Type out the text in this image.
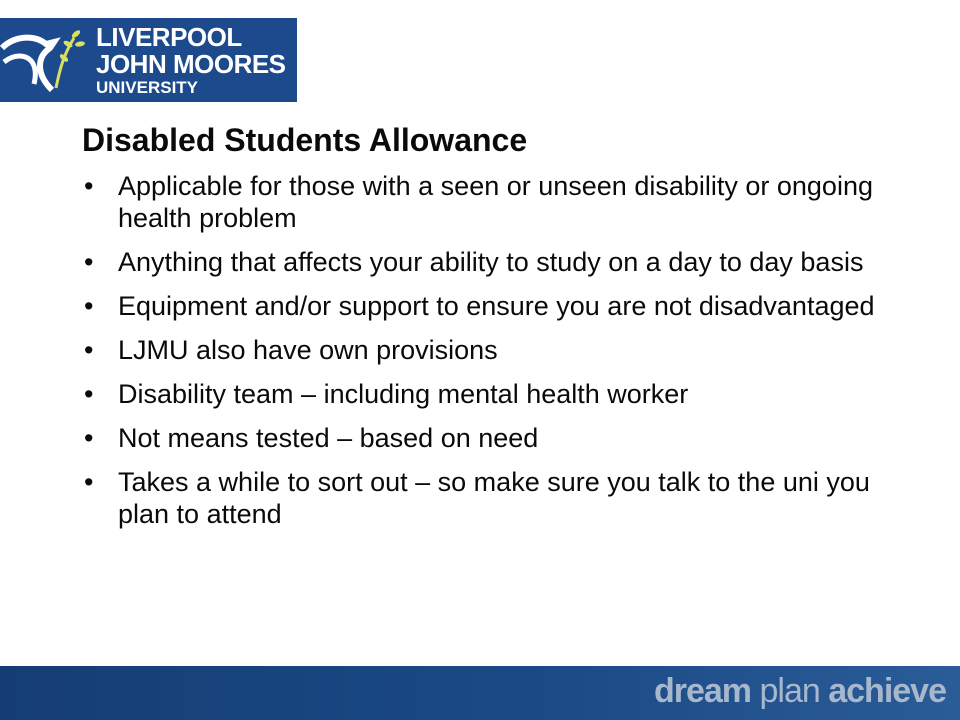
LIVERPOOL
JOHN MOORES
UNIVERSITY
Disabled Students Allowance
• Applicable for those with a seen or unseen disability or ongoing health problem
• Anything that affects your ability to study on a day to day basis
• Equipment and/or support to ensure you are not disadvantaged
• LJMU also have own provisions
• Disability team – including mental health worker
• Not means tested – based on need
• Takes a while to sort out – so make sure you talk to the uni you plan to attend
dream plan achieve
